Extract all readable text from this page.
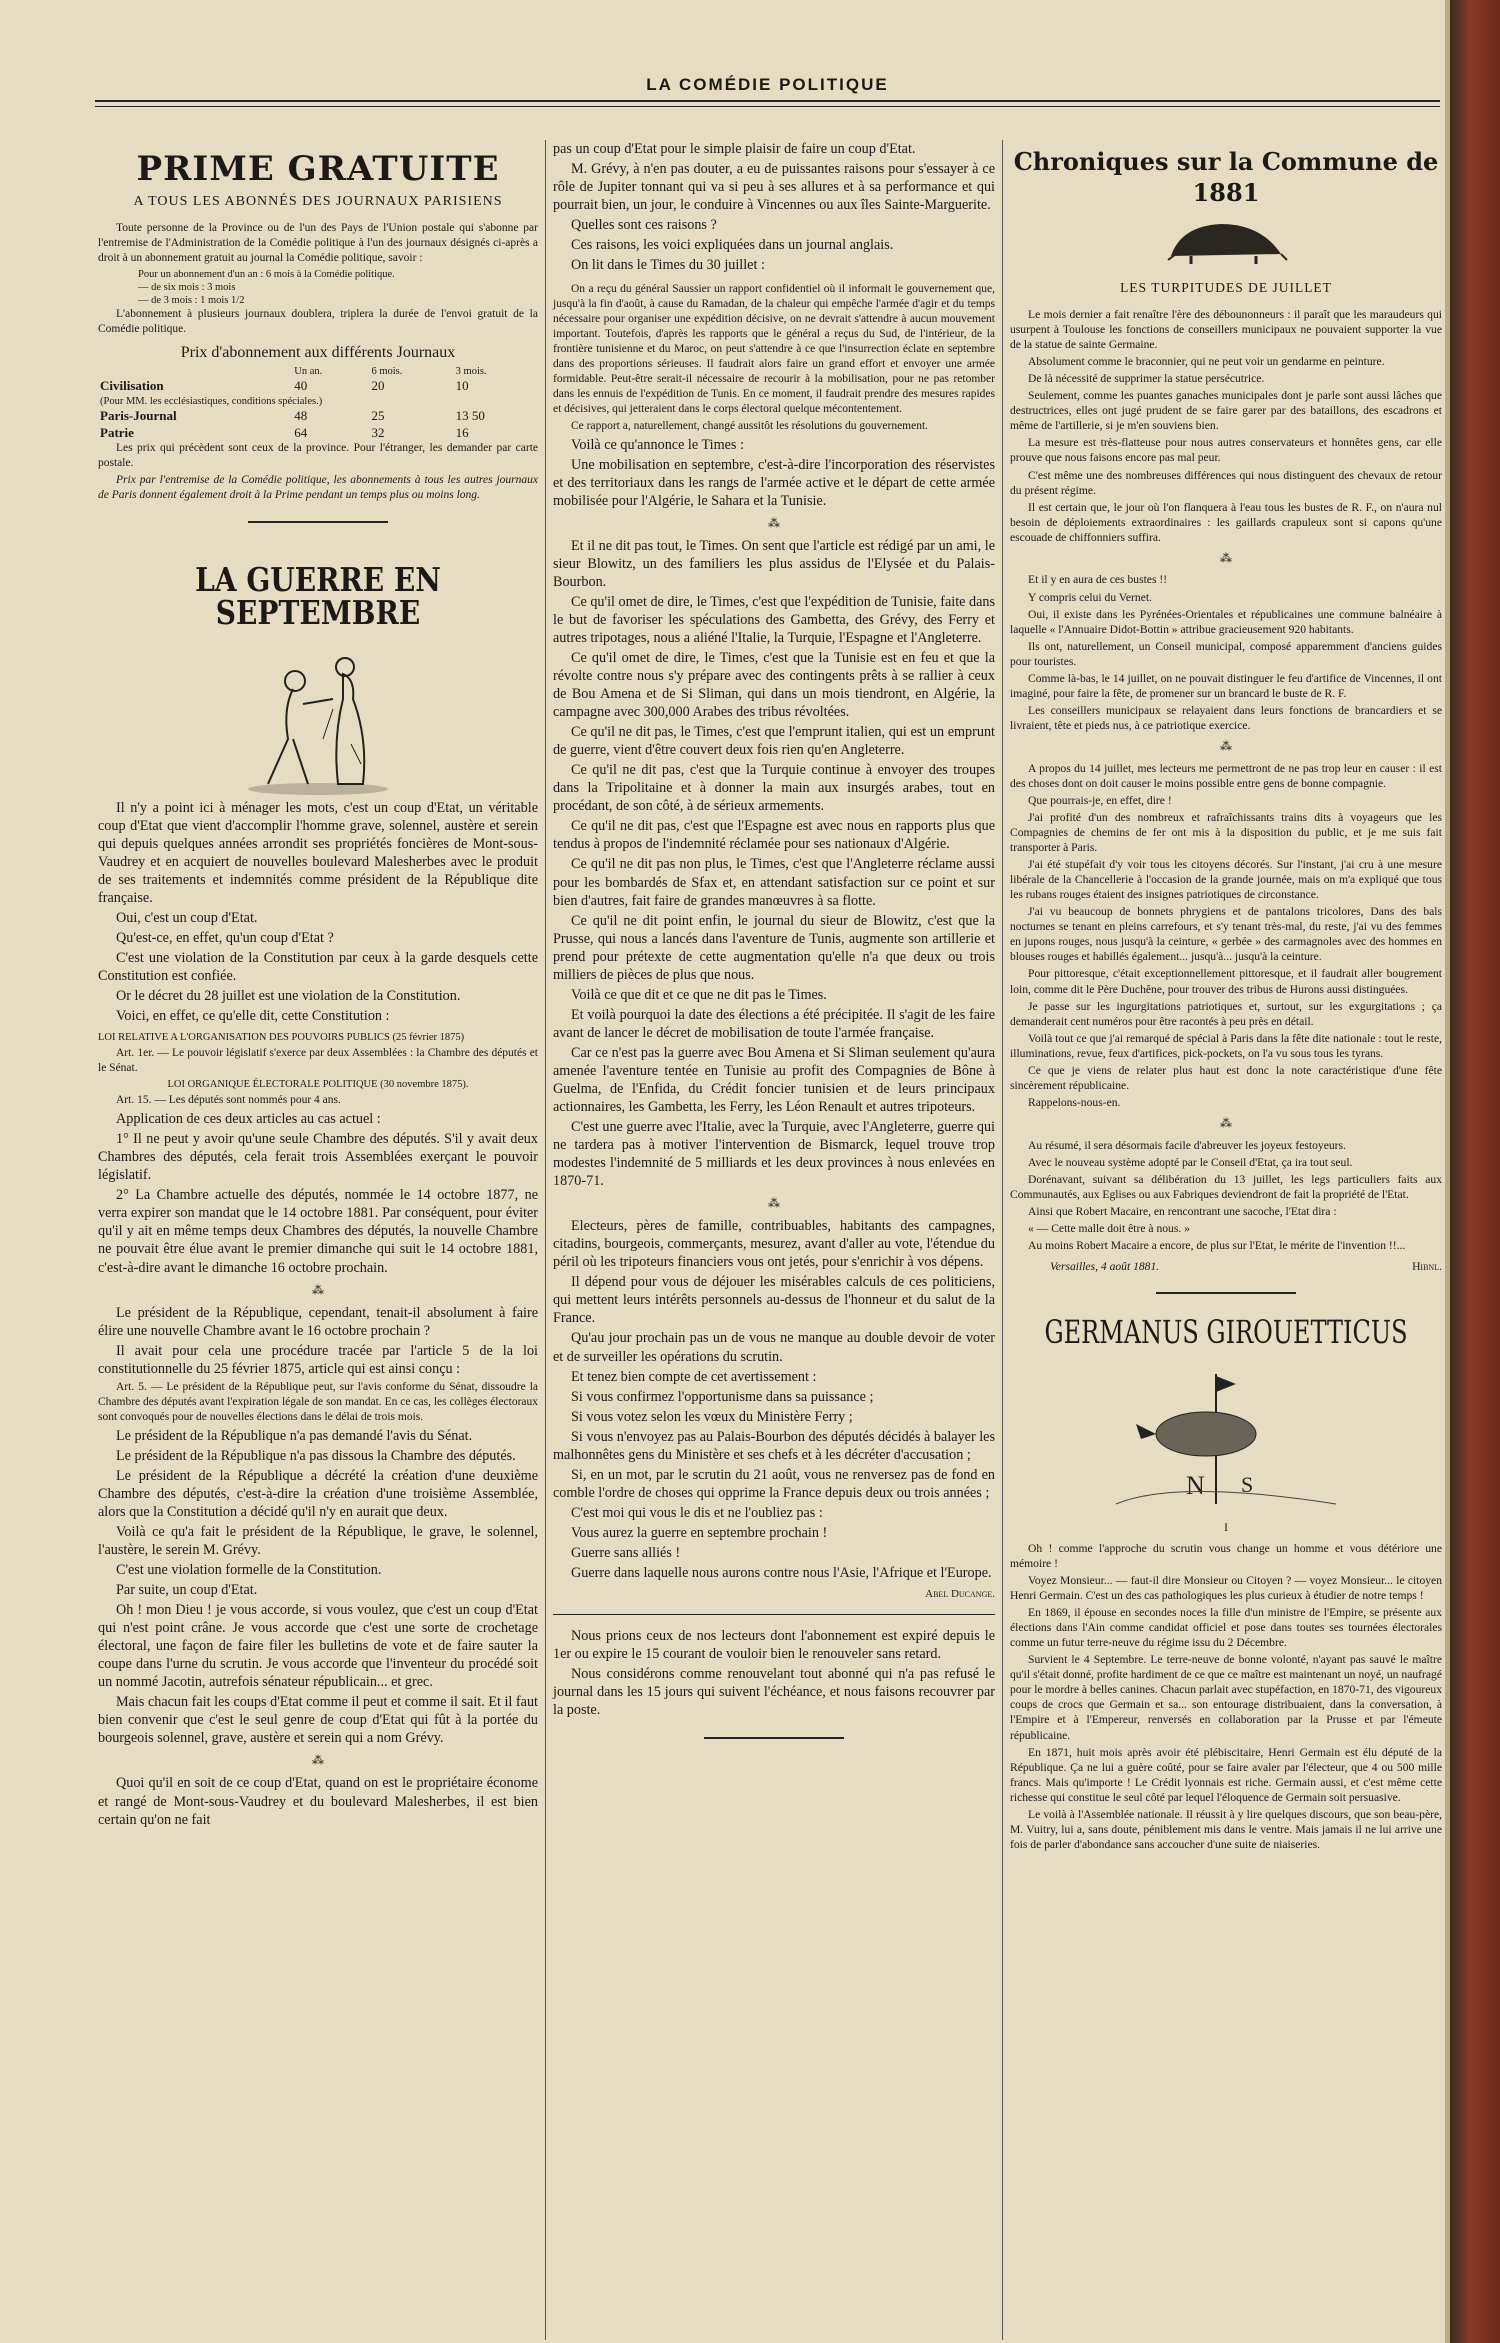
LA COMÉDIE POLITIQUE
PRIME GRATUITE
A TOUS LES ABONNÉS DES JOURNAUX PARISIENS

Toute personne de la Province ou de l'un des Pays de l'Union postale qui s'abonne par l'entremise de l'Administration de la Comédie politique à l'un des journaux désignés ci-après a droit à un abonnement gratuit au journal la Comédie politique, savoir :

Pour un abonnement d'un an : 6 mois à la Comédie politique.
— de six mois : 3 mois
— de 3 mois : 1 mois 1/2

L'abonnement à plusieurs journaux doublera, triplera la durée de l'envoi gratuit de la Comédie politique.

Prix d'abonnement aux différents Journaux
	Un an.	6 mois.	3 mois.
Civilisation	40	20	10
(Pour MM. les ecclésiastiques, conditions spéciales.)			
Paris-Journal	48	25	13 50
Patrie	64	32	16

Les prix qui précèdent sont ceux de la province. Pour l'étranger, les demander par carte postale.

Prix par l'entremise de la Comédie politique, les abonnements à tous les autres journaux de Paris donnent également droit à la Prime pendant un temps plus ou moins long.

LA GUERRE EN SEPTEMBRE

Il n'y a point ici à ménager les mots, c'est un coup d'Etat, un véritable coup d'Etat que vient d'accomplir l'homme grave, solennel, austère et serein qui depuis quelques années arrondit ses propriétés foncières de Mont-sous-Vaudrey et en acquiert de nouvelles boulevard Malesherbes avec le produit de ses traitements et indemnités comme président de la République dite française.

Oui, c'est un coup d'Etat.

Qu'est-ce, en effet, qu'un coup d'Etat ?

C'est une violation de la Constitution par ceux à la garde desquels cette Constitution est confiée.

Or le décret du 28 juillet est une violation de la Constitution.

Voici, en effet, ce qu'elle dit, cette Constitution :

LOI RELATIVE A L'ORGANISATION DES POUVOIRS PUBLICS (25 février 1875)

Art. 1er. — Le pouvoir législatif s'exerce par deux Assemblées : la Chambre des députés et le Sénat.

LOI ORGANIQUE ÉLECTORALE POLITIQUE (30 novembre 1875).

Art. 15. — Les députés sont nommés pour 4 ans.

Application de ces deux articles au cas actuel :

1° Il ne peut y avoir qu'une seule Chambre des députés. S'il y avait deux Chambres des députés, cela ferait trois Assemblées exerçant le pouvoir législatif.

2° La Chambre actuelle des députés, nommée le 14 octobre 1877, ne verra expirer son mandat que le 14 octobre 1881. Par conséquent, pour éviter qu'il y ait en même temps deux Chambres des députés, la nouvelle Chambre ne pouvait être élue avant le premier dimanche qui suit le 14 octobre 1881, c'est-à-dire avant le dimanche 16 octobre prochain.

⁂

Le président de la République, cependant, tenait-il absolument à faire élire une nouvelle Chambre avant le 16 octobre prochain ?

Il avait pour cela une procédure tracée par l'article 5 de la loi constitutionnelle du 25 février 1875, article qui est ainsi conçu :

Art. 5. — Le président de la République peut, sur l'avis conforme du Sénat, dissoudre la Chambre des députés avant l'expiration légale de son mandat. En ce cas, les collèges électoraux sont convoqués pour de nouvelles élections dans le délai de trois mois.

Le président de la République n'a pas demandé l'avis du Sénat.

Le président de la République n'a pas dissous la Chambre des députés.

Le président de la République a décrété la création d'une deuxième Chambre des députés, c'est-à-dire la création d'une troisième Assemblée, alors que la Constitution a décidé qu'il n'y en aurait que deux.

Voilà ce qu'a fait le président de la République, le grave, le solennel, l'austère, le serein M. Grévy.

C'est une violation formelle de la Constitution.

Par suite, un coup d'Etat.

Oh ! mon Dieu ! je vous accorde, si vous voulez, que c'est un coup d'Etat qui n'est point crâne. Je vous accorde que c'est une sorte de crochetage électoral, une façon de faire filer les bulletins de vote et de faire sauter la coupe dans l'urne du scrutin. Je vous accorde que l'inventeur du procédé soit un nommé Jacotin, autrefois sénateur républicain... et grec.

Mais chacun fait les coups d'Etat comme il peut et comme il sait. Et il faut bien convenir que c'est le seul genre de coup d'Etat qui fût à la portée du bourgeois solennel, grave, austère et serein qui a nom Grévy.

⁂

Quoi qu'il en soit de ce coup d'Etat, quand on est le propriétaire économe et rangé de Mont-sous-Vaudrey et du boulevard Malesherbes, il est bien certain qu'on ne fait

pas un coup d'Etat pour le simple plaisir de faire un coup d'Etat.

M. Grévy, à n'en pas douter, a eu de puissantes raisons pour s'essayer à ce rôle de Jupiter tonnant qui va si peu à ses allures et à sa performance et qui pourrait bien, un jour, le conduire à Vincennes ou aux îles Sainte-Marguerite.

Quelles sont ces raisons ?

Ces raisons, les voici expliquées dans un journal anglais.

On lit dans le Times du 30 juillet :

On a reçu du général Saussier un rapport confidentiel où il informait le gouvernement que, jusqu'à la fin d'août, à cause du Ramadan, de la chaleur qui empêche l'armée d'agir et du temps nécessaire pour organiser une expédition décisive, on ne devrait s'attendre à aucun mouvement important. Toutefois, d'après les rapports que le général a reçus du Sud, de l'intérieur, de la frontière tunisienne et du Maroc, on peut s'attendre à ce que l'insurrection éclate en septembre dans des proportions sérieuses. Il faudrait alors faire un grand effort et envoyer une armée formidable. Peut-être serait-il nécessaire de recourir à la mobilisation, pour ne pas retomber dans les ennuis de l'expédition de Tunis. En ce moment, il faudrait prendre des mesures rapides et décisives, qui jetteraient dans le corps électoral quelque mécontentement.

Ce rapport a, naturellement, changé aussitôt les résolutions du gouvernement.

Voilà ce qu'annonce le Times :

Une mobilisation en septembre, c'est-à-dire l'incorporation des réservistes et des territoriaux dans les rangs de l'armée active et le départ de cette armée mobilisée pour l'Algérie, le Sahara et la Tunisie.

⁂

Et il ne dit pas tout, le Times. On sent que l'article est rédigé par un ami, le sieur Blowitz, un des familiers les plus assidus de l'Elysée et du Palais-Bourbon.

Ce qu'il omet de dire, le Times, c'est que l'expédition de Tunisie, faite dans le but de favoriser les spéculations des Gambetta, des Grévy, des Ferry et autres tripotages, nous a aliéné l'Italie, la Turquie, l'Espagne et l'Angleterre.

Ce qu'il omet de dire, le Times, c'est que la Tunisie est en feu et que la révolte contre nous s'y prépare avec des contingents prêts à se rallier à ceux de Bou Amena et de Si Sliman, qui dans un mois tiendront, en Algérie, la campagne avec 300,000 Arabes des tribus révoltées.

Ce qu'il ne dit pas, le Times, c'est que l'emprunt italien, qui est un emprunt de guerre, vient d'être couvert deux fois rien qu'en Angleterre.

Ce qu'il ne dit pas, c'est que la Turquie continue à envoyer des troupes dans la Tripolitaine et à donner la main aux insurgés arabes, tout en procédant, de son côté, à de sérieux armements.

Ce qu'il ne dit pas, c'est que l'Espagne est avec nous en rapports plus que tendus à propos de l'indemnité réclamée pour ses nationaux d'Algérie.

Ce qu'il ne dit pas non plus, le Times, c'est que l'Angleterre réclame aussi pour les bombardés de Sfax et, en attendant satisfaction sur ce point et sur bien d'autres, fait faire de grandes manœuvres à sa flotte.

Ce qu'il ne dit point enfin, le journal du sieur de Blowitz, c'est que la Prusse, qui nous a lancés dans l'aventure de Tunis, augmente son artillerie et prend pour prétexte de cette augmentation qu'elle n'a que deux ou trois milliers de pièces de plus que nous.

Voilà ce que dit et ce que ne dit pas le Times.

Et voilà pourquoi la date des élections a été précipitée. Il s'agit de les faire avant de lancer le décret de mobilisation de toute l'armée française.

Car ce n'est pas la guerre avec Bou Amena et Si Sliman seulement qu'aura amenée l'aventure tentée en Tunisie au profit des Compagnies de Bône à Guelma, de l'Enfida, du Crédit foncier tunisien et de leurs principaux actionnaires, les Gambetta, les Ferry, les Léon Renault et autres tripoteurs.

C'est une guerre avec l'Italie, avec la Turquie, avec l'Angleterre, guerre qui ne tardera pas à motiver l'intervention de Bismarck, lequel trouve trop modestes l'indemnité de 5 milliards et les deux provinces à nous enlevées en 1870-71.

⁂

Electeurs, pères de famille, contribuables, habitants des campagnes, citadins, bourgeois, commerçants, mesurez, avant d'aller au vote, l'étendue du péril où les tripoteurs financiers vous ont jetés, pour s'enrichir à vos dépens.

Il dépend pour vous de déjouer les misérables calculs de ces politiciens, qui mettent leurs intérêts personnels au-dessus de l'honneur et du salut de la France.

Qu'au jour prochain pas un de vous ne manque au double devoir de voter et de surveiller les opérations du scrutin.

Et tenez bien compte de cet avertissement :

Si vous confirmez l'opportunisme dans sa puissance ;

Si vous votez selon les vœux du Ministère Ferry ;

Si vous n'envoyez pas au Palais-Bourbon des députés décidés à balayer les malhonnêtes gens du Ministère et ses chefs et à les décréter d'accusation ;

Si, en un mot, par le scrutin du 21 août, vous ne renversez pas de fond en comble l'ordre de choses qui opprime la France depuis deux ou trois années ;

C'est moi qui vous le dis et ne l'oubliez pas :

Vous aurez la guerre en septembre prochain !

Guerre sans alliés !

Guerre dans laquelle nous aurons contre nous l'Asie, l'Afrique et l'Europe.

Abel Ducange.

Nous prions ceux de nos lecteurs dont l'abonnement est expiré depuis le 1er ou expire le 15 courant de vouloir bien le renouveler sans retard.

Nous considérons comme renouvelant tout abonné qui n'a pas refusé le journal dans les 15 jours qui suivent l'échéance, et nous faisons recouvrer par la poste.

Chroniques sur la Commune de 1881
LES TURPITUDES DE JUILLET

Le mois dernier a fait renaître l'ère des débounonneurs : il paraît que les maraudeurs qui usurpent à Toulouse les fonctions de conseillers municipaux ne pouvaient supporter la vue de la statue de sainte Germaine.

Absolument comme le braconnier, qui ne peut voir un gendarme en peinture.

De là nécessité de supprimer la statue persécutrice.

Seulement, comme les puantes ganaches municipales dont je parle sont aussi lâches que destructrices, elles ont jugé prudent de se faire garer par des bataillons, des escadrons et même de l'artillerie, si je m'en souviens bien.

La mesure est très-flatteuse pour nous autres conservateurs et honnêtes gens, car elle prouve que nous faisons encore pas mal peur.

C'est même une des nombreuses différences qui nous distinguent des chevaux de retour du présent régime.

Il est certain que, le jour où l'on flanquera à l'eau tous les bustes de R. F., on n'aura nul besoin de déploiements extraordinaires : les gaillards crapuleux sont si capons qu'une escouade de chiffonniers suffira.

⁂

Et il y en aura de ces bustes !!

Y compris celui du Vernet.

Oui, il existe dans les Pyrénées-Orientales et républicaines une commune balnéaire à laquelle « l'Annuaire Didot-Bottin » attribue gracieusement 920 habitants.

Ils ont, naturellement, un Conseil municipal, composé apparemment d'anciens guides pour touristes.

Comme là-bas, le 14 juillet, on ne pouvait distinguer le feu d'artifice de Vincennes, il ont imaginé, pour faire la fête, de promener sur un brancard le buste de R. F.

Les conseillers municipaux se relayaient dans leurs fonctions de brancardiers et se livraient, tête et pieds nus, à ce patriotique exercice.

⁂

A propos du 14 juillet, mes lecteurs me permettront de ne pas trop leur en causer : il est des choses dont on doit causer le moins possible entre gens de bonne compagnie.

Que pourrais-je, en effet, dire !

J'ai profité d'un des nombreux et rafraîchissants trains dits à voyageurs que les Compagnies de chemins de fer ont mis à la disposition du public, et je me suis fait transporter à Paris.

J'ai été stupéfait d'y voir tous les citoyens décorés. Sur l'instant, j'ai cru à une mesure libérale de la Chancellerie à l'occasion de la grande journée, mais on m'a expliqué que tous les rubans rouges étaient des insignes patriotiques de circonstance.

J'ai vu beaucoup de bonnets phrygiens et de pantalons tricolores, Dans des bals nocturnes se tenant en pleins carrefours, et s'y tenant très-mal, du reste, j'ai vu des femmes en jupons rouges, nous jusqu'à la ceinture, « gerbée » des carmagnoles avec des hommes en blouses rouges et habillés également... jusqu'à... jusqu'à la ceinture.

Pour pittoresque, c'était exceptionnellement pittoresque, et il faudrait aller bougrement loin, comme dit le Père Duchêne, pour trouver des tribus de Hurons aussi distinguées.

Je passe sur les ingurgitations patriotiques et, surtout, sur les exgurgitations ; ça demanderait cent numéros pour être racontés à peu près en détail.

Voilà tout ce que j'ai remarqué de spécial à Paris dans la fête dite nationale : tout le reste, illuminations, revue, feux d'artifices, pick-pockets, on l'a vu sous tous les tyrans.

Ce que je viens de relater plus haut est donc la note caractéristique d'une fête sincèrement républicaine.

Rappelons-nous-en.

⁂

Au résumé, il sera désormais facile d'abreuver les joyeux festoyeurs.

Avec le nouveau système adopté par le Conseil d'Etat, ça ira tout seul.

Dorénavant, suivant sa délibération du 13 juillet, les legs particuliers faits aux Communautés, aux Eglises ou aux Fabriques deviendront de fait la propriété de l'Etat.

Ainsi que Robert Macaire, en rencontrant une sacoche, l'Etat dira :

« — Cette malle doit être à nous. »

Au moins Robert Macaire a encore, de plus sur l'Etat, le mérite de l'invention !!...

Versailles, 4 août 1881.	Hibnl.
GERMANUS GIROUETTICUS
N S
I

Oh ! comme l'approche du scrutin vous change un homme et vous détériore une mémoire !

Voyez Monsieur... — faut-il dire Monsieur ou Citoyen ? — voyez Monsieur... le citoyen Henri Germain. C'est un des cas pathologiques les plus curieux à étudier de notre temps !

En 1869, il épouse en secondes noces la fille d'un ministre de l'Empire, se présente aux élections dans l'Ain comme candidat officiel et pose dans toutes ses tournées électorales comme un futur terre-neuve du régime issu du 2 Décembre.

Survient le 4 Septembre. Le terre-neuve de bonne volonté, n'ayant pas sauvé le maître qu'il s'était donné, profite hardiment de ce que ce maître est maintenant un noyé, un naufragé pour le mordre à belles canines. Chacun parlait avec stupéfaction, en 1870-71, des vigoureux coups de crocs que Germain et sa... son entourage distribuaient, dans la conversation, à l'Empire et à l'Empereur, renversés en collaboration par la Prusse et par l'émeute républicaine.

En 1871, huit mois après avoir été plébiscitaire, Henri Germain est élu député de la République. Ça ne lui a guère coûté, pour se faire avaler par l'électeur, que 4 ou 500 mille francs. Mais qu'importe ! Le Crédit lyonnais est riche. Germain aussi, et c'est même cette richesse qui constitue le seul côté par lequel l'éloquence de Germain soit persuasive.

Le voilà à l'Assemblée nationale. Il réussit à y lire quelques discours, que son beau-père, M. Vuitry, lui a, sans doute, péniblement mis dans le ventre. Mais jamais il ne lui arrive une fois de parler d'abondance sans accoucher d'une suite de niaiseries.
